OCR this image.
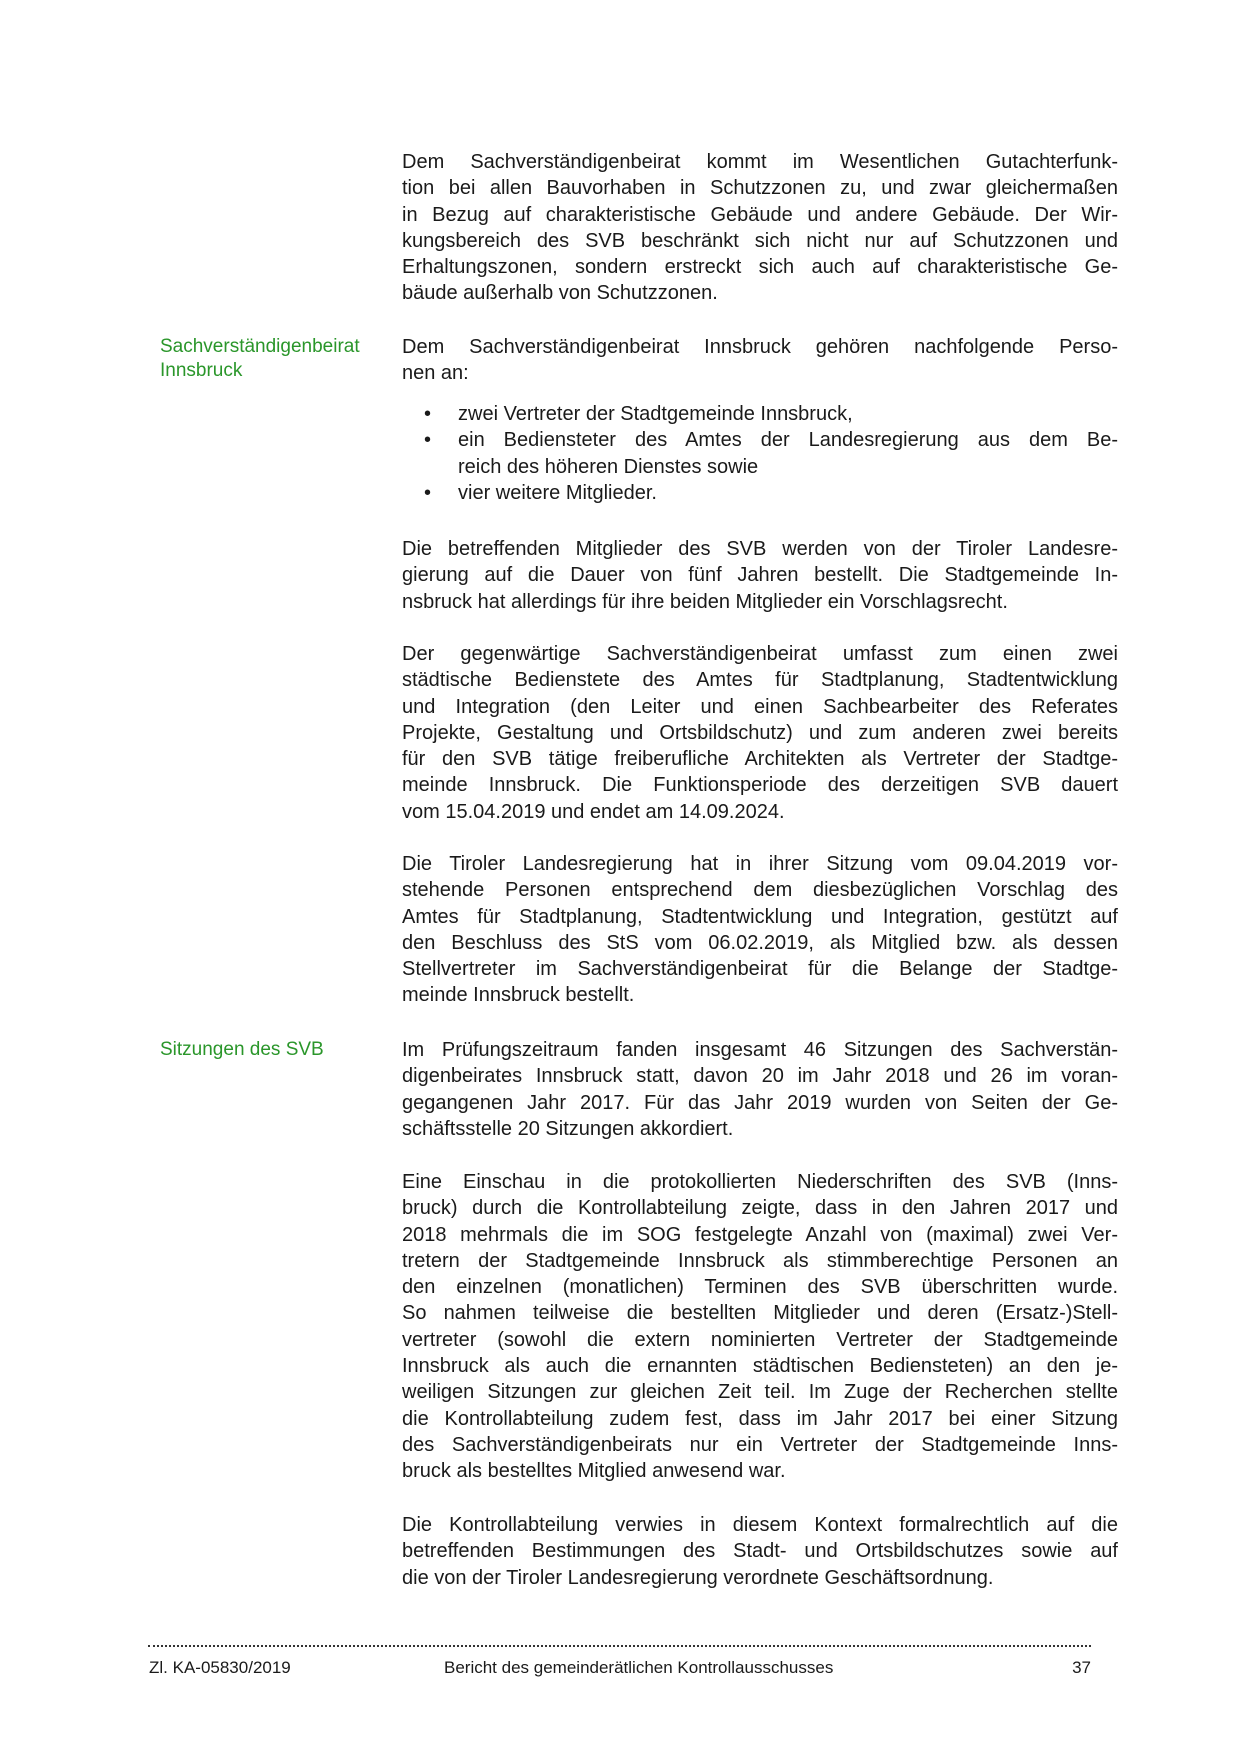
Dem Sachverständigenbeirat kommt im Wesentlichen Gutachterfunk-
tion bei allen Bauvorhaben in Schutzzonen zu, und zwar gleichermaßen
in Bezug auf charakteristische Gebäude und andere Gebäude. Der Wir-
kungsbereich des SVB beschränkt sich nicht nur auf Schutzzonen und
Erhaltungszonen, sondern erstreckt sich auch auf charakteristische Ge-
bäude außerhalb von Schutzzonen.
Sachverständigenbeirat
Innsbruck
Dem Sachverständigenbeirat Innsbruck gehören nachfolgende Perso-
nen an:
• zwei Vertreter der Stadtgemeinde Innsbruck,
• ein Bediensteter des Amtes der Landesregierung aus dem Be-
reich des höheren Dienstes sowie
• vier weitere Mitglieder.
Die betreffenden Mitglieder des SVB werden von der Tiroler Landesre-
gierung auf die Dauer von fünf Jahren bestellt. Die Stadtgemeinde In-
nsbruck hat allerdings für ihre beiden Mitglieder ein Vorschlagsrecht.
Der gegenwärtige Sachverständigenbeirat umfasst zum einen zwei
städtische Bedienstete des Amtes für Stadtplanung, Stadtentwicklung
und Integration (den Leiter und einen Sachbearbeiter des Referates
Projekte, Gestaltung und Ortsbildschutz) und zum anderen zwei bereits
für den SVB tätige freiberufliche Architekten als Vertreter der Stadtge-
meinde Innsbruck. Die Funktionsperiode des derzeitigen SVB dauert
vom 15.04.2019 und endet am 14.09.2024.
Die Tiroler Landesregierung hat in ihrer Sitzung vom 09.04.2019 vor-
stehende Personen entsprechend dem diesbezüglichen Vorschlag des
Amtes für Stadtplanung, Stadtentwicklung und Integration, gestützt auf
den Beschluss des StS vom 06.02.2019, als Mitglied bzw. als dessen
Stellvertreter im Sachverständigenbeirat für die Belange der Stadtge-
meinde Innsbruck bestellt.
Sitzungen des SVB	Im Prüfungszeitraum fanden insgesamt 46 Sitzungen des Sachverstän-
digenbeirates Innsbruck statt, davon 20 im Jahr 2018 und 26 im voran-
gegangenen Jahr 2017. Für das Jahr 2019 wurden von Seiten der Ge-
schäftsstelle 20 Sitzungen akkordiert.
Eine Einschau in die protokollierten Niederschriften des SVB (Inns-
bruck) durch die Kontrollabteilung zeigte, dass in den Jahren 2017 und
2018 mehrmals die im SOG festgelegte Anzahl von (maximal) zwei Ver-
tretern der Stadtgemeinde Innsbruck als stimmberechtige Personen an
den einzelnen (monatlichen) Terminen des SVB überschritten wurde.
So nahmen teilweise die bestellten Mitglieder und deren (Ersatz-)Stell-
vertreter (sowohl die extern nominierten Vertreter der Stadtgemeinde
Innsbruck als auch die ernannten städtischen Bediensteten) an den je-
weiligen Sitzungen zur gleichen Zeit teil. Im Zuge der Recherchen stellte
die Kontrollabteilung zudem fest, dass im Jahr 2017 bei einer Sitzung
des Sachverständigenbeirats nur ein Vertreter der Stadtgemeinde Inns-
bruck als bestelltes Mitglied anwesend war.
Die Kontrollabteilung verwies in diesem Kontext formalrechtlich auf die
betreffenden Bestimmungen des Stadt- und Ortsbildschutzes sowie auf
die von der Tiroler Landesregierung verordnete Geschäftsordnung.
Zl. KA-05830/2019	Bericht des gemeinderätlichen Kontrollausschusses	37
